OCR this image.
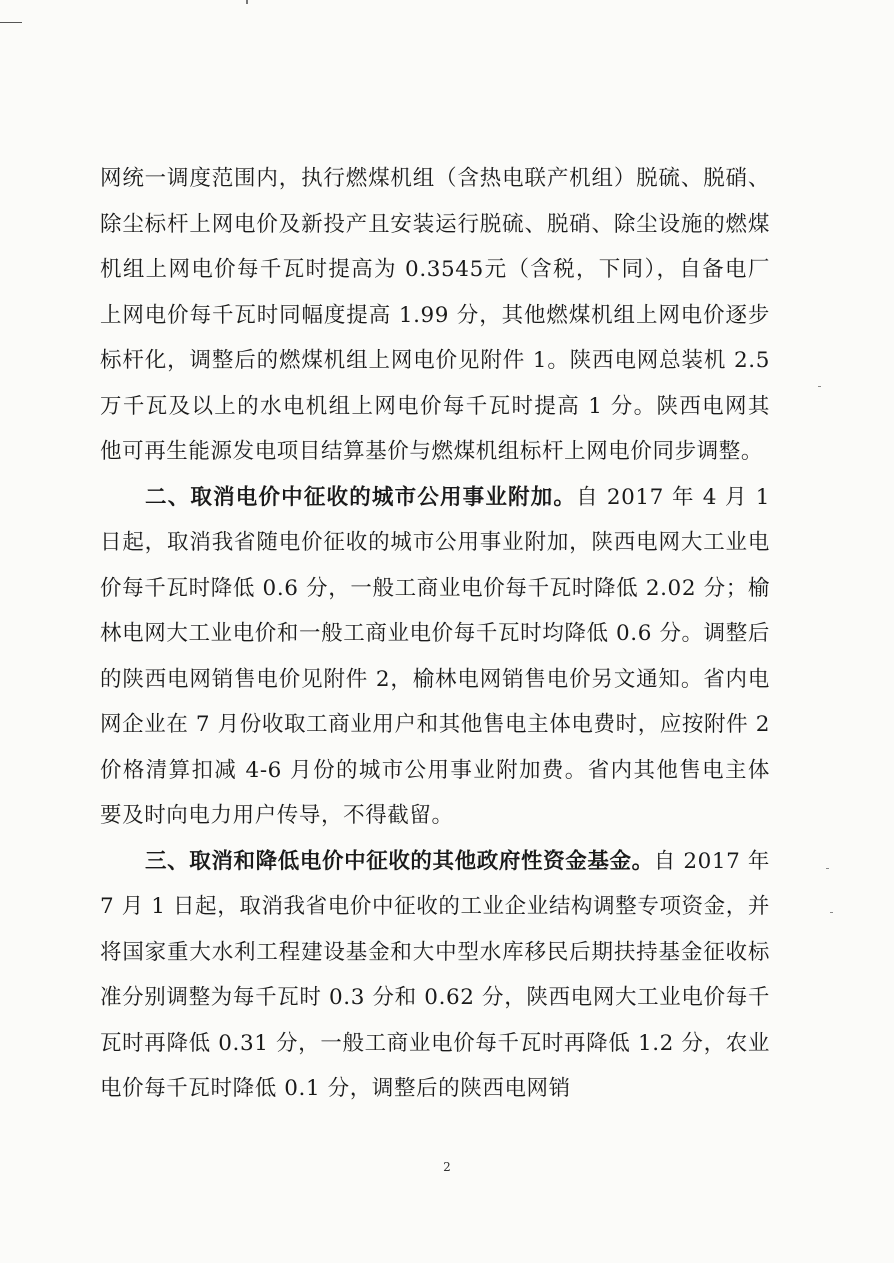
网统一调度范围内，执行燃煤机组（含热电联产机组）脱硫、脱硝、除尘标杆上网电价及新投产且安装运行脱硫、脱硝、除尘设施的燃煤机组上网电价每千瓦时提高为 0.3545元（含税，下同），自备电厂上网电价每千瓦时同幅度提高 1.99 分，其他燃煤机组上网电价逐步标杆化，调整后的燃煤机组上网电价见附件 1。陕西电网总装机 2.5 万千瓦及以上的水电机组上网电价每千瓦时提高 1 分。陕西电网其他可再生能源发电项目结算基价与燃煤机组标杆上网电价同步调整。

二、取消电价中征收的城市公用事业附加。自 2017 年 4 月 1 日起，取消我省随电价征收的城市公用事业附加，陕西电网大工业电价每千瓦时降低 0.6 分，一般工商业电价每千瓦时降低 2.02 分；榆林电网大工业电价和一般工商业电价每千瓦时均降低 0.6 分。调整后的陕西电网销售电价见附件 2，榆林电网销售电价另文通知。省内电网企业在 7 月份收取工商业用户和其他售电主体电费时，应按附件 2 价格清算扣减 4-6 月份的城市公用事业附加费。省内其他售电主体要及时向电力用户传导，不得截留。

三、取消和降低电价中征收的其他政府性资金基金。自 2017 年 7 月 1 日起，取消我省电价中征收的工业企业结构调整专项资金，并将国家重大水利工程建设基金和大中型水库移民后期扶持基金征收标准分别调整为每千瓦时 0.3 分和 0.62 分，陕西电网大工业电价每千瓦时再降低 0.31 分，一般工商业电价每千瓦时再降低 1.2 分，农业电价每千瓦时降低 0.1 分，调整后的陕西电网销

2
